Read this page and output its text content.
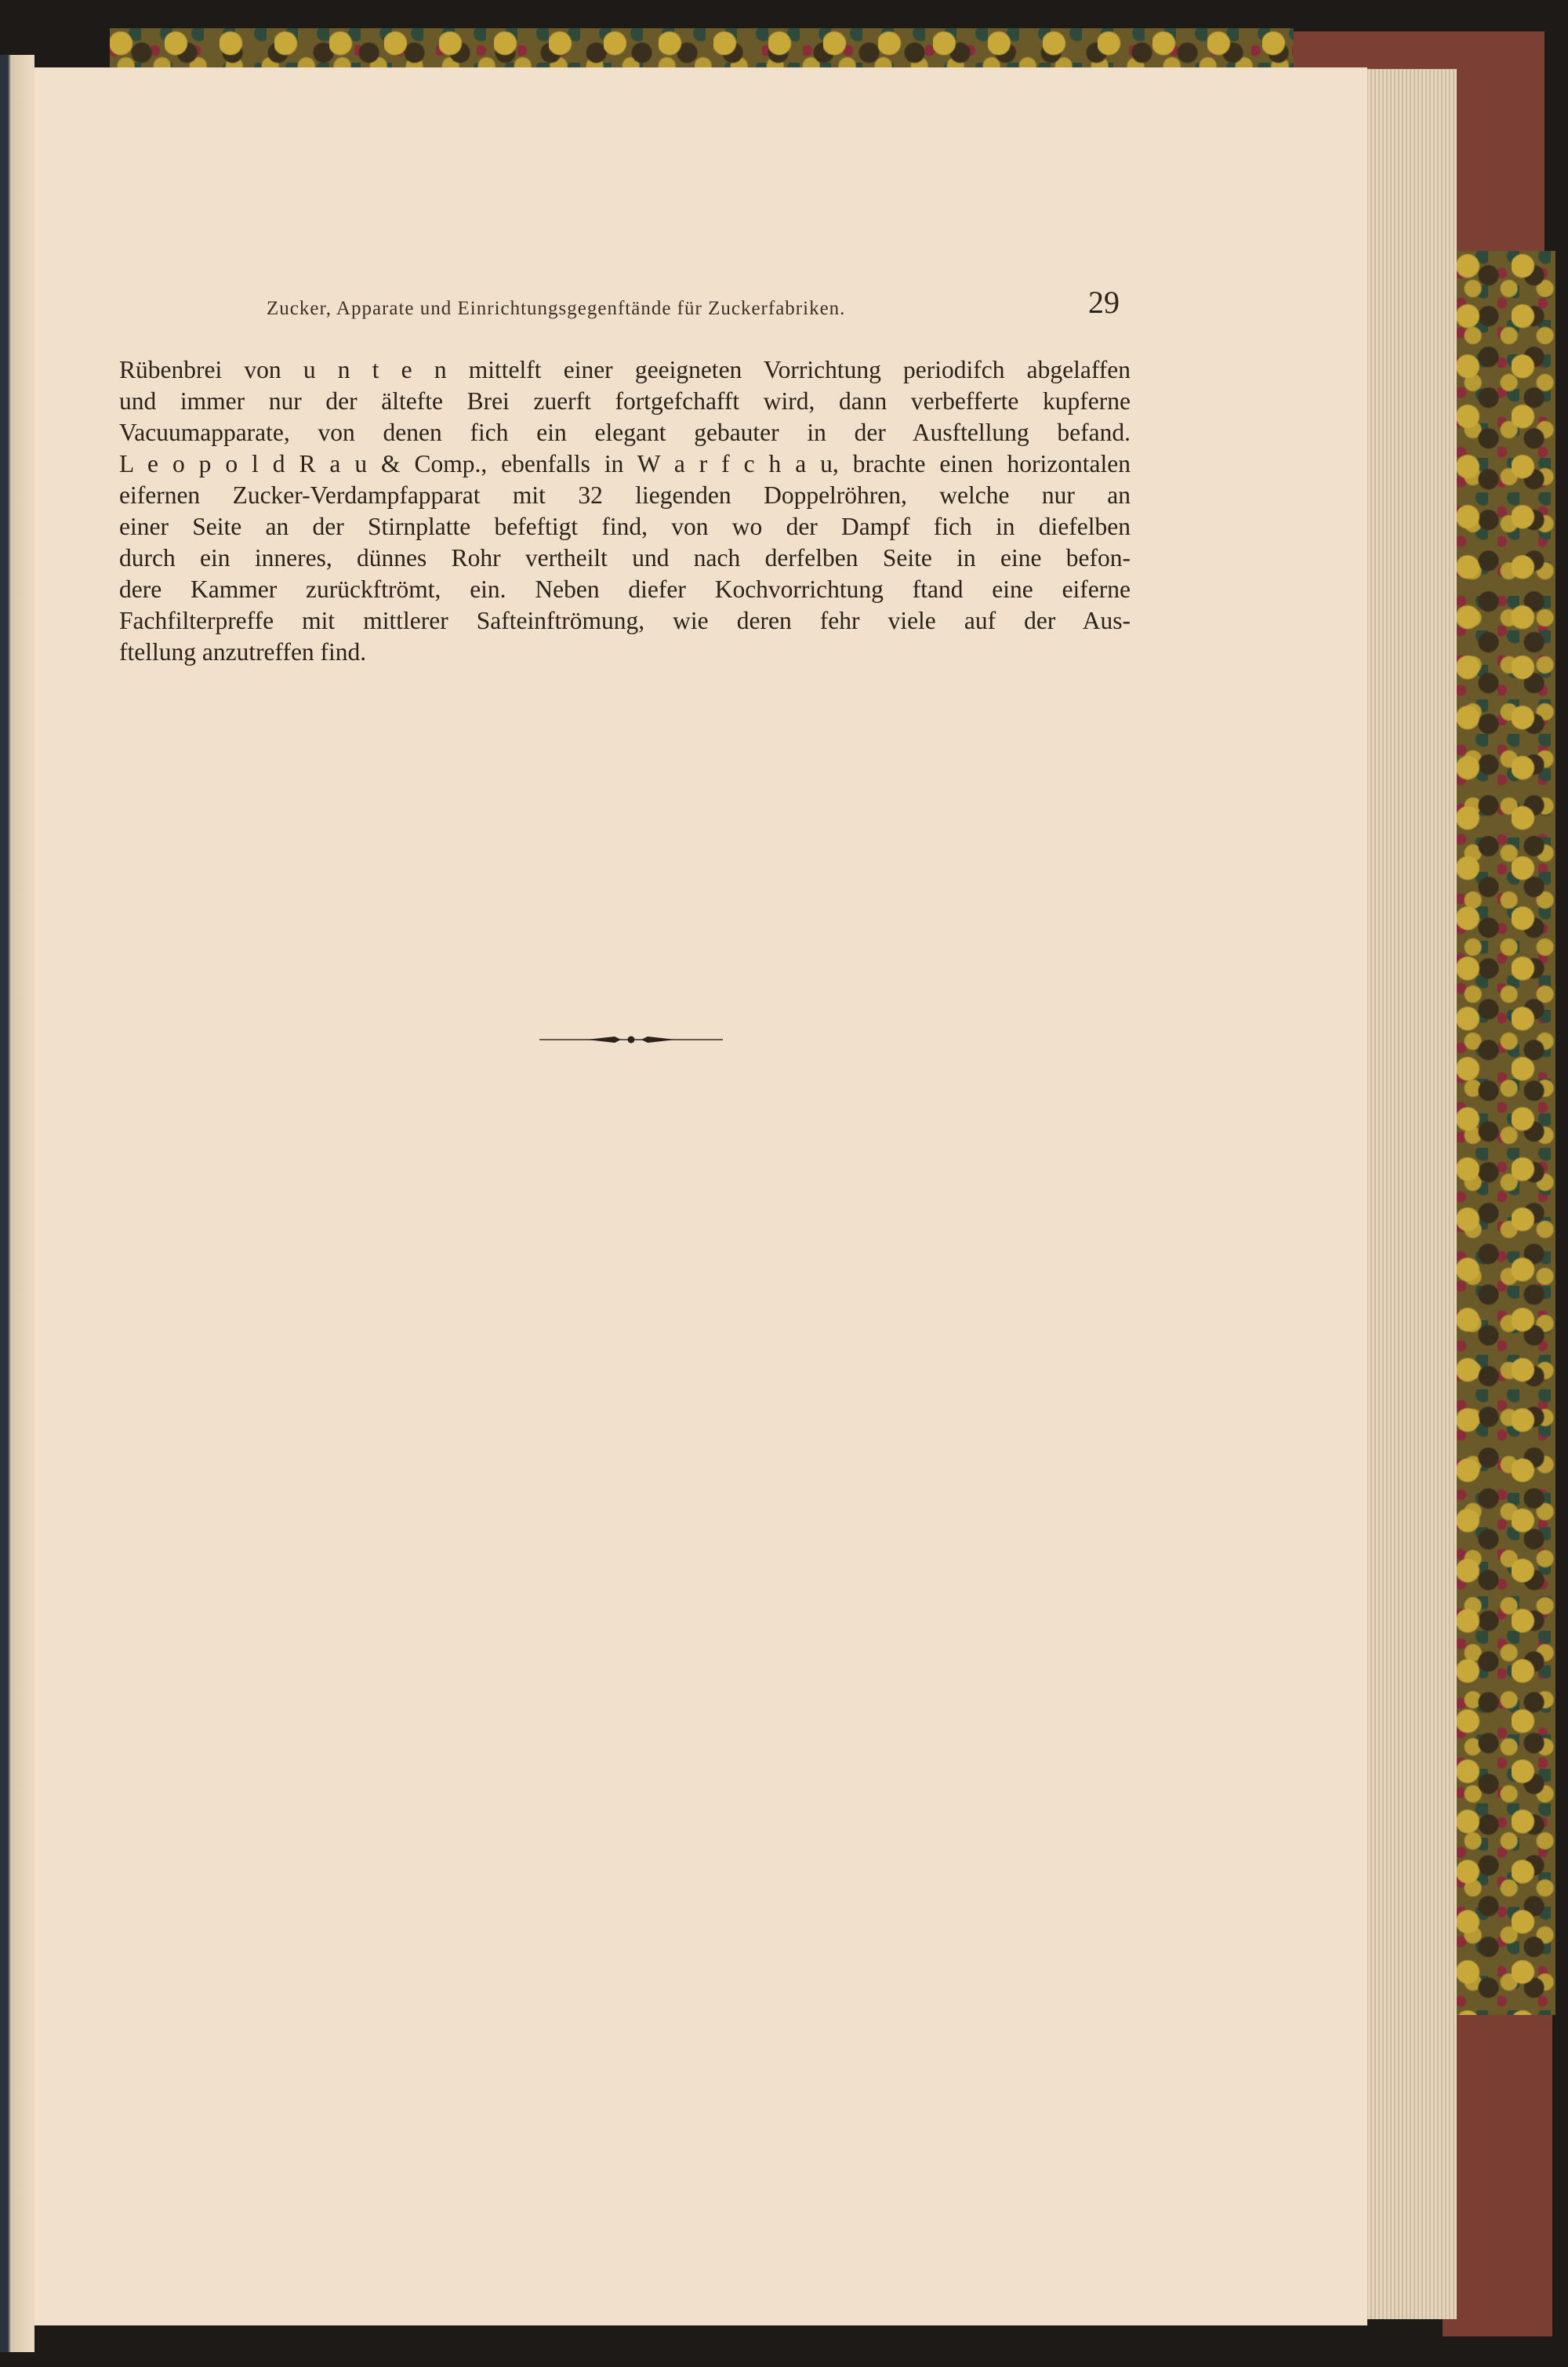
Zucker, Apparate und Einrichtungsgegenftände für Zuckerfabriken.	29
Rübenbrei von u n t e n mittelft einer geeigneten Vorrichtung periodifch abgelaffen
und immer nur der ältefte Brei zuerft fortgefchafft wird, dann verbefferte kupferne
Vacuumapparate, von denen fich ein elegant gebauter in der Ausftellung befand.
L e o p o l d R a u & Comp., ebenfalls in W a r f c h a u, brachte einen horizontalen
eifernen Zucker-Verdampfapparat mit 32 liegenden Doppelröhren, welche nur an
einer Seite an der Stirnplatte befeftigt find, von wo der Dampf fich in diefelben
durch ein inneres, dünnes Rohr vertheilt und nach derfelben Seite in eine befon-
dere Kammer zurückftrömt, ein. Neben diefer Kochvorrichtung ftand eine eiferne
Fachfilterpreffe mit mittlerer Safteinftrömung, wie deren fehr viele auf der Aus-
ftellung anzutreffen find.
